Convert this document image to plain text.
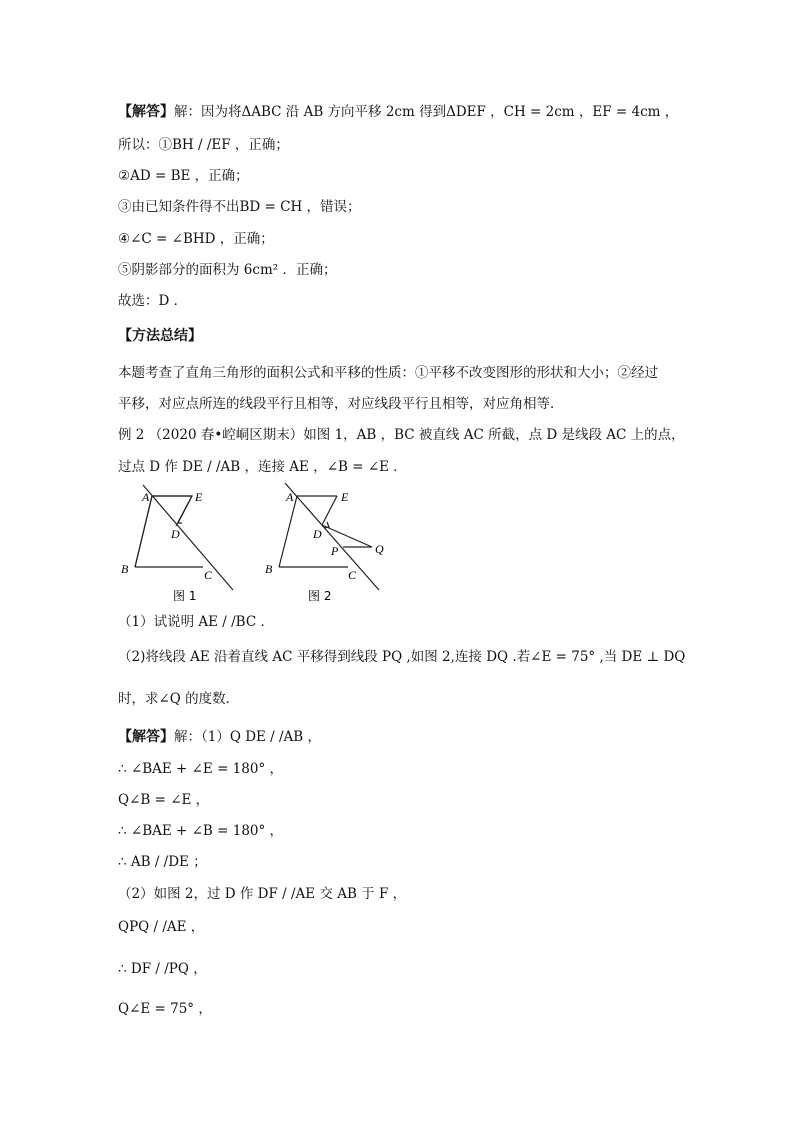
【解答】解：因为将ΔABC 沿 AB 方向平移 2cm 得到ΔDEF ，CH = 2cm ，EF = 4cm ，
所以：①BH / /EF ，正确；
②AD = BE ，正确；
③由已知条件得不出BD = CH ，错误；
④∠C = ∠BHD ，正确；
⑤阴影部分的面积为 6cm² ．正确；
故选：D ．
【方法总结】
本题考查了直角三角形的面积公式和平移的性质：①平移不改变图形的形状和大小；②经过
平移，对应点所连的线段平行且相等，对应线段平行且相等，对应角相等．
例 2 （2020 春•崆峒区期末）如图 1，AB ，BC 被直线 AC 所截，点 D 是线段 AC 上的点，
过点 D 作 DE / /AB ，连接 AE ，∠B = ∠E ．
A	E
D
B	C
图 1
A	E
D
P	Q
B	C
图 2
（1）试说明 AE / /BC ．
（2)将线段 AE 沿着直线 AC 平移得到线段 PQ ,如图 2,连接 DQ .若∠E = 75° ,当 DE ⊥ DQ
时，求∠Q 的度数．
【解答】解：（1）Q DE / /AB ，
∴ ∠BAE + ∠E = 180° ，
Q∠B = ∠E ，
∴ ∠BAE + ∠B = 180° ，
∴ AB / /DE ；
（2）如图 2，过 D 作 DF / /AE 交 AB 于 F ，
QPQ / /AE ，
∴ DF / /PQ ，
Q∠E = 75° ，
